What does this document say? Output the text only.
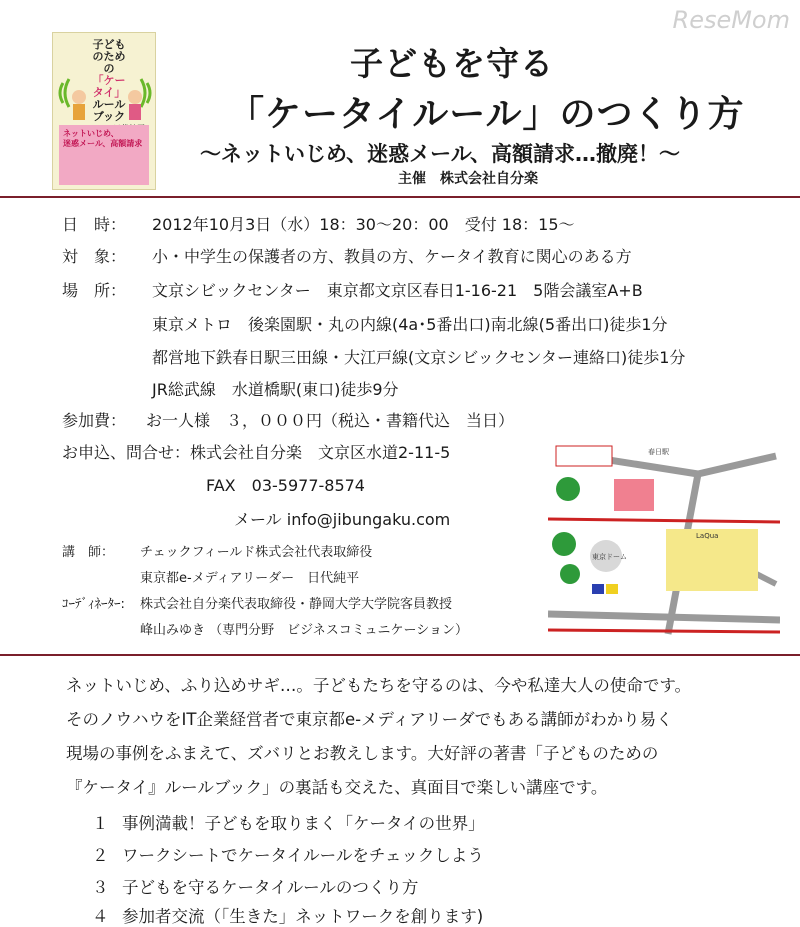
ReseMom
子どものための
「ケータイ」
ルールブック
ネットいじめ、
迷惑メール、高額請求
子どもを守る
「ケータイルール」のつくり方
～ネットいじめ、迷惑メール、高額請求…撤廃！～
主催　株式会社自分楽
日　時： 2012年10月3日（水）18：30～20：00　受付 18：15～
対　象： 小・中学生の保護者の方、教員の方、ケータイ教育に関心のある方
場　所： 文京シビックセンター　東京都文京区春日1-16-21　5階会議室A+B
東京メトロ　後楽園駅・丸の内線(4a･5番出口)南北線(5番出口)徒歩1分
都営地下鉄春日駅三田線・大江戸線(文京シビックセンター連絡口)徒歩1分
JR総武線　水道橋駅(東口)徒歩9分
参加費： お一人様　３，０００円（税込・書籍代込　当日）
お申込、問合せ：株式会社自分楽　文京区水道2-11-5
FAX　03-5977-8574
メール info@jibungaku.com
講　師： チェックフィールド株式会社代表取締役
東京都e-メディアリーダー　日代純平
ｺｰﾃﾞｨﾈｰﾀｰ: 株式会社自分楽代表取締役・静岡大学大学院客員教授
峰山みゆき （専門分野　ビジネスコミュニケーション）
春日駅
LaQua
東京ドーム
ネットいじめ、ふり込めサギ…。子どもたちを守るのは、今や私達大人の使命です。
そのノウハウをIT企業経営者で東京都e-メディアリーダでもある講師がわかり易く
現場の事例をふまえて、ズバリとお教えします。大好評の著書「子どものための
『ケータイ』ルールブック」の裏話も交えた、真面目で楽しい講座です。
１ 事例満載！子どもを取りまく「ケータイの世界」
２ ワークシートでケータイルールをチェックしよう
３ 子どもを守るケータイルールのつくり方
４ 参加者交流（「生きた」ネットワークを創ります)
